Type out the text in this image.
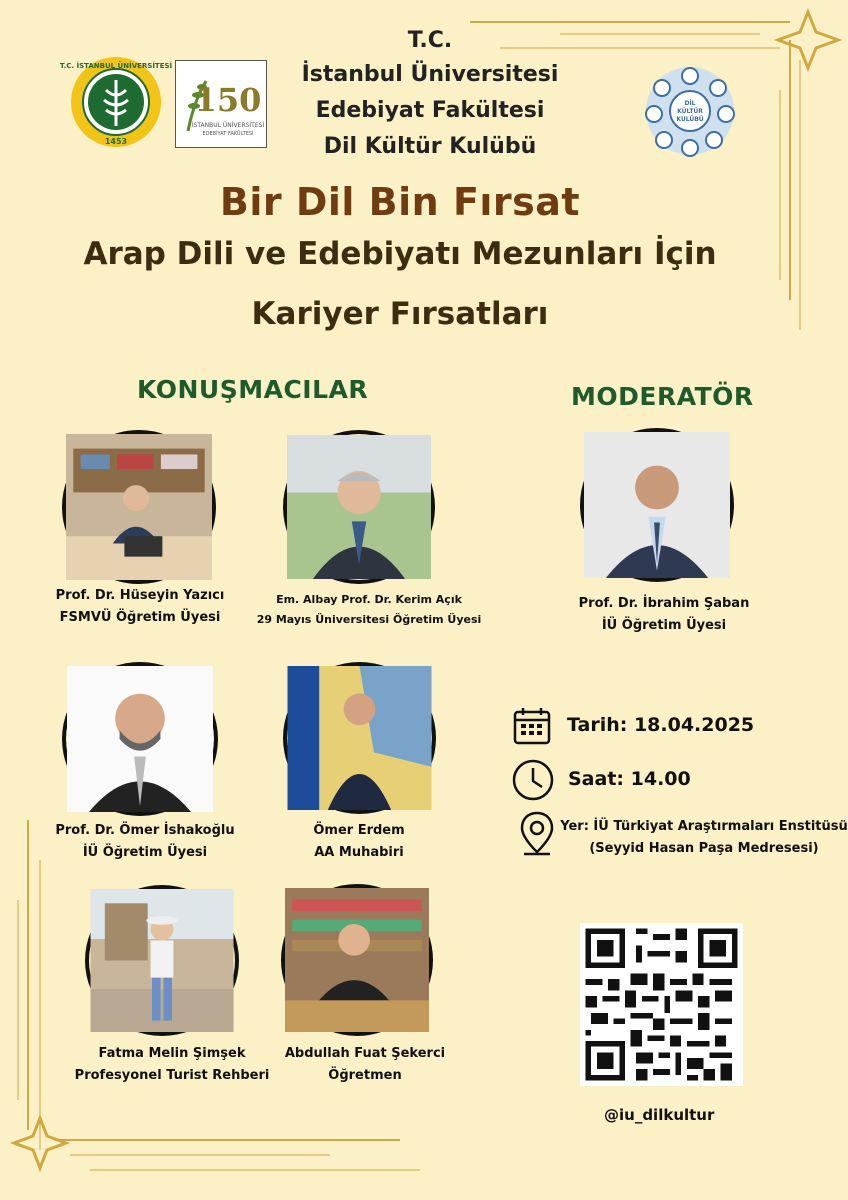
T.C. İSTANBUL ÜNİVERSİTESİ
1453
150
İSTANBUL ÜNİVERSİTESİ
EDEBİYAT FAKÜLTESİ
DİL
KÜLTÜR
KULÜBÜ
T.C.
İstanbul Üniversitesi
Edebiyat Fakültesi
Dil Kültür Kulübü
Bir Dil Bin Fırsat
Arap Dili ve Edebiyatı Mezunları İçin
Kariyer Fırsatları
KONUŞMACILAR	MODERATÖR
Prof. Dr. Hüseyin Yazıcı
FSMVÜ Öğretim Üyesi
Em. Albay Prof. Dr. Kerim Açık
29 Mayıs Üniversitesi Öğretim Üyesi
Prof. Dr. İbrahim Şaban
İÜ Öğretim Üyesi
Prof. Dr. Ömer İshakoğlu
İÜ Öğretim Üyesi
Ömer Erdem
AA Muhabiri
Fatma Melin Şimşek
Profesyonel Turist Rehberi
Abdullah Fuat Şekerci
Öğretmen
Tarih: 18.04.2025
Saat: 14.00
Yer: İÜ Türkiyat Araştırmaları Enstitüsü
(Seyyid Hasan Paşa Medresesi)
@iu_dilkultur
